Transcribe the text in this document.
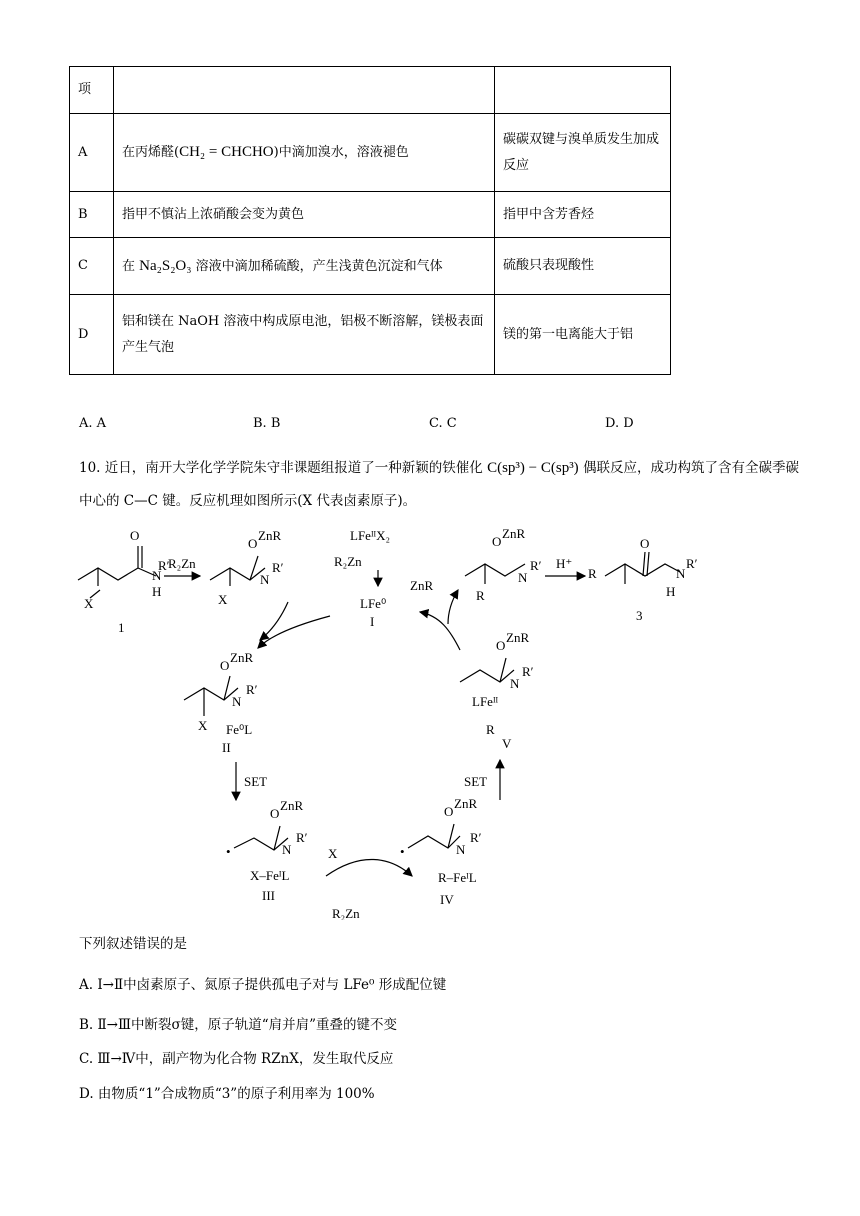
项		
A	在丙烯醛(CH₂ = CHCHO)中滴加溴水，溶液褪色	碳碳双键与溴单质发生加成反应
B	指甲不慎沾上浓硝酸会变为黄色	指甲中含芳香烃
C	在 Na₂S₂O₃ 溶液中滴加稀硫酸，产生浅黄色沉淀和气体	硫酸只表现酸性
D	铝和镁在 NaOH 溶液中构成原电池，铝极不断溶解，镁极表面产生气泡	镁的第一电离能大于铝
A. A	B. B	C. C	D. D
10. 近日，南开大学化学学院朱守非课题组报道了一种新颖的铁催化 C(sp³) − C(sp³) 偶联反应，成功构筑了含有全碳季碳中心的 C—C 键。反应机理如图所示(X 代表卤素原子)。
O
N
R′
H
X
1
R₂Zn
O
ZnR
N
R′
X
LFeᴵᴵX₂
R₂Zn
LFe⁰
I
ZnR
O
ZnR
N
R′
R
H⁺
R
O
N
R′
H
3
O
ZnR
N
R′
X Fe⁰L
II
SET
O
ZnR
N
R′
•
X–FeᴵL
III
X
R₂Zn
O
ZnR
N
R′
•
R–FeᴵL
IV
SET
O
ZnR
N
R′
LFeᴵᴵ
R
V
下列叙述错误的是
A. Ⅰ→Ⅱ中卤素原子、氮原子提供孤电子对与 LFe⁰ 形成配位键
B. Ⅱ→Ⅲ中断裂σ键，原子轨道“肩并肩”重叠的键不变
C. Ⅲ→Ⅳ中，副产物为化合物 RZnX，发生取代反应
D. 由物质“1”合成物质“3”的原子利用率为 100%
